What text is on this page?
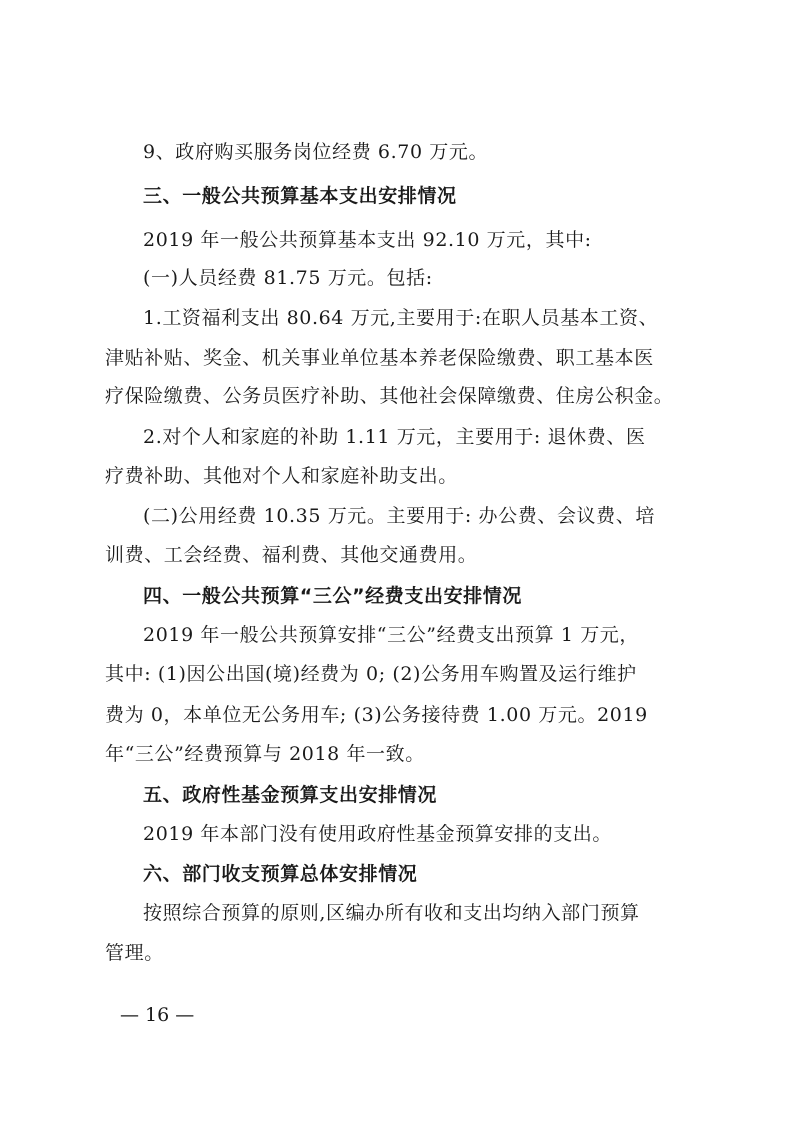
9、政府购买服务岗位经费 6.70 万元。
三、一般公共预算基本支出安排情况
2019 年一般公共预算基本支出 92.10 万元，其中:
(一)人员经费 81.75 万元。包括:
1.工资福利支出 80.64 万元,主要用于:在职人员基本工资、
津贴补贴、奖金、机关事业单位基本养老保险缴费、职工基本医
疗保险缴费、公务员医疗补助、其他社会保障缴费、住房公积金。
2.对个人和家庭的补助 1.11 万元，主要用于: 退休费、医
疗费补助、其他对个人和家庭补助支出。
(二)公用经费 10.35 万元。主要用于: 办公费、会议费、培
训费、工会经费、福利费、其他交通费用。
四、一般公共预算“三公”经费支出安排情况
2019 年一般公共预算安排“三公”经费支出预算 1 万元，
其中: (1)因公出国(境)经费为 0; (2)公务用车购置及运行维护
费为 0，本单位无公务用车; (3)公务接待费 1.00 万元。2019
年“三公”经费预算与 2018 年一致。
五、政府性基金预算支出安排情况
2019 年本部门没有使用政府性基金预算安排的支出。
六、部门收支预算总体安排情况
按照综合预算的原则,区编办所有收和支出均纳入部门预算
管理。
— 16 —
